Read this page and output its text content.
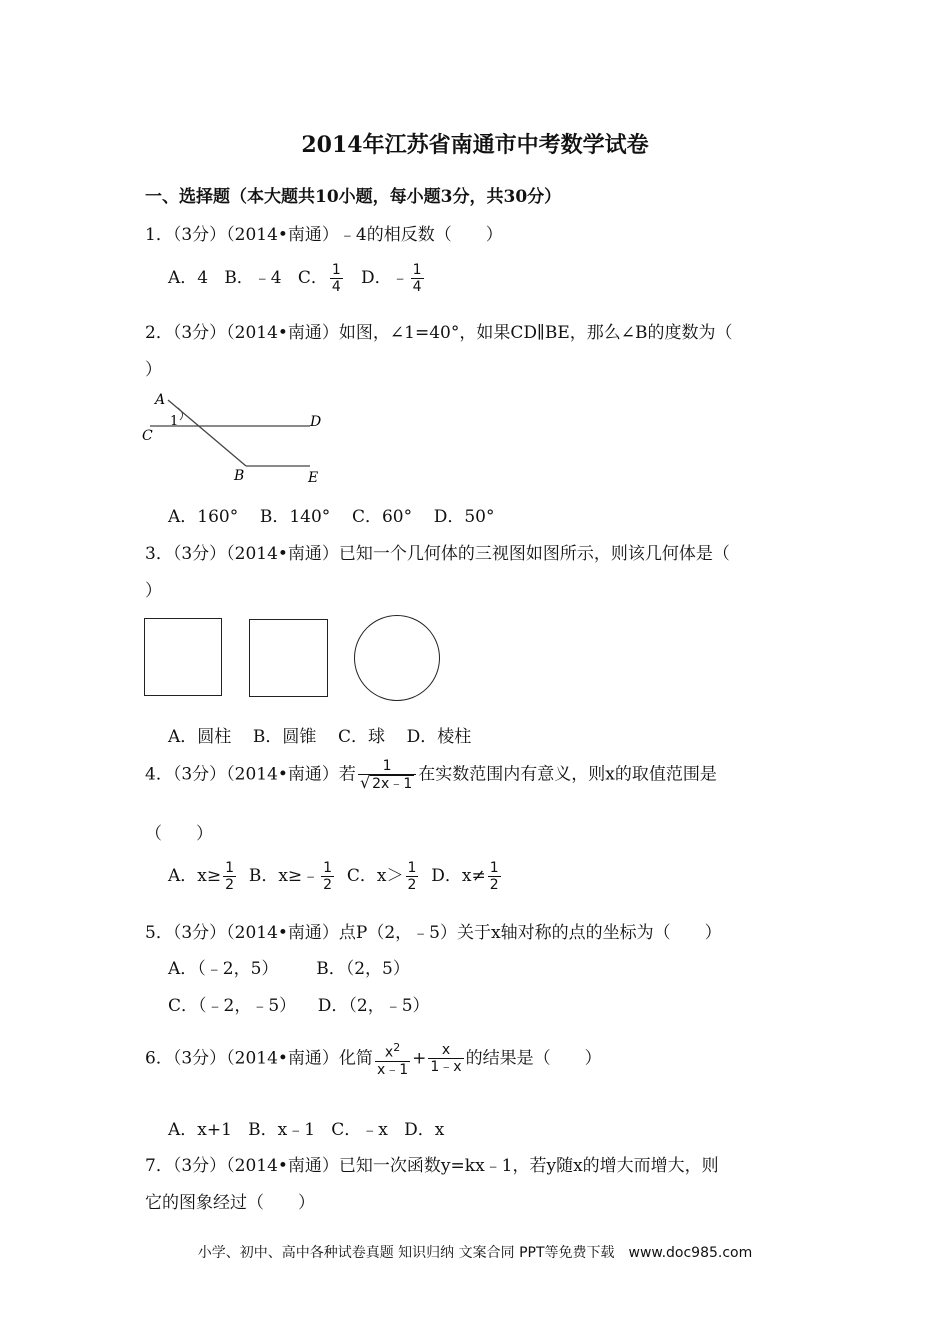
2014年江苏省南通市中考数学试卷
一、选择题（本大题共10小题，每小题3分，共30分）
1．（3分）（2014•南通）﹣4的相反数（　　）
A．4 B．﹣4 C． $\frac{1}{4}$ D．﹣ $\frac{1}{4}$
2．（3分）（2014•南通）如图，∠1=40°，如果CD∥BE，那么∠B的度数为（
）
A
1
C
D
B	E
A．160° B．140° C．60° D．50°
3．（3分）（2014•南通）已知一个几何体的三视图如图所示，则该几何体是（
）
A．圆柱 B．圆锥 C．球 D．棱柱
4．（3分）（2014•南通）若 $\frac{1}{√ 2x﹣1}$ 在实数范围内有意义，则x的取值范围是
（　　）
A．$x\ge \frac{1}{2}$ B．x≥﹣ $\frac{1}{2}$ C．$x> \frac{1}{2}$ D．$x\ne \frac{1}{2}$
5．（3分）（2014•南通）点P（2，﹣5）关于x轴对称的点的坐标为（　　）
A．（﹣2，5） B．（2，5）
C．（﹣2，﹣5） D．（2，﹣5）
6．（3分）（2014•南通）化简 $\frac{x^2}{x﹣1} + \frac{x}{1﹣x}$ 的结果是（　　）
A．x+1 B．x﹣1 C．﹣x D．x
7．（3分）（2014•南通）已知一次函数y=kx﹣1，若y随x的增大而增大，则
它的图象经过（　　）
小学、初中、高中各种试卷真题 知识归纳 文案合同 PPT等免费下载　www.doc985.com
